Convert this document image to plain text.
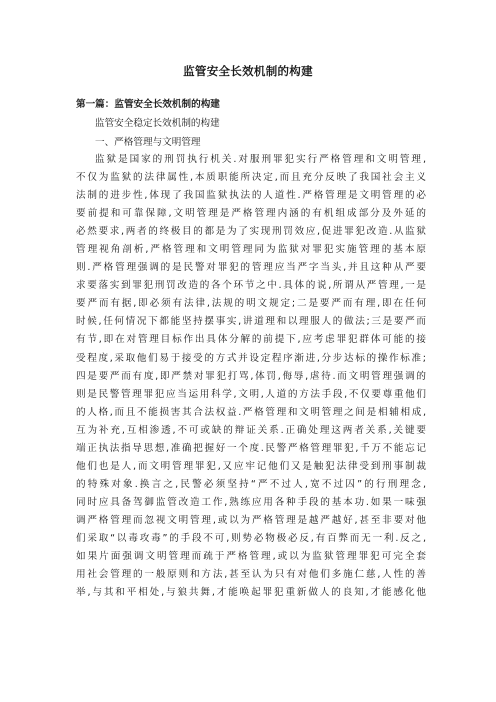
监管安全长效机制的构建
第一篇：监管安全长效机制的构建
监管安全稳定长效机制的构建
一、严格管理与文明管理
监狱是国家的刑罚执行机关.对服刑罪犯实行严格管理和文明管理,
不仅为监狱的法律属性,本质职能所决定,而且充分反映了我国社会主义
法制的进步性,体现了我国监狱执法的人道性.严格管理是文明管理的必
要前提和可靠保障,文明管理是严格管理内涵的有机组成部分及外延的
必然要求,两者的终极目的都是为了实现刑罚效应,促进罪犯改造.从监狱
管理视角剖析,严格管理和文明管理同为监狱对罪犯实施管理的基本原
则.严格管理强调的是民警对罪犯的管理应当严字当头,并且这种从严要
求要落实到罪犯刑罚改造的各个环节之中.具体的说,所谓从严管理,一是
要严而有据,即必须有法律,法规的明文规定;二是要严而有理,即在任何
时候,任何情况下都能坚持摆事实,讲道理和以理服人的做法;三是要严而
有节,即在对管理目标作出具体分解的前提下,应考虑罪犯群体可能的接
受程度,采取他们易于接受的方式并设定程序渐进,分步达标的操作标准;
四是要严而有度,即严禁对罪犯打骂,体罚,侮辱,虐待.而文明管理强调的
则是民警管理罪犯应当运用科学,文明,人道的方法手段,不仅要尊重他们
的人格,而且不能损害其合法权益.严格管理和文明管理之间是相辅相成,
互为补充,互相渗透,不可或缺的辩证关系.正确处理这两者关系,关键要
端正执法指导思想,准确把握好一个度.民警严格管理罪犯,千万不能忘记
他们也是人,而文明管理罪犯,又应牢记他们又是触犯法律受到刑事制裁
的特殊对象.换言之,民警必须坚持“严不过人,宽不过囚”的行刑理念,
同时应具备驾御监管改造工作,熟练应用各种手段的基本功.如果一味强
调严格管理而忽视文明管理,或以为严格管理是越严越好,甚至非要对他
们采取“以毒攻毒”的手段不可,则势必物极必反,有百弊而无一利.反之,
如果片面强调文明管理而疏于严格管理,或以为监狱管理罪犯可完全套
用社会管理的一般原则和方法,甚至认为只有对他们多施仁慈,人性的善
举,与其和平相处,与狼共舞,才能唤起罪犯重新做人的良知,才能感化他
